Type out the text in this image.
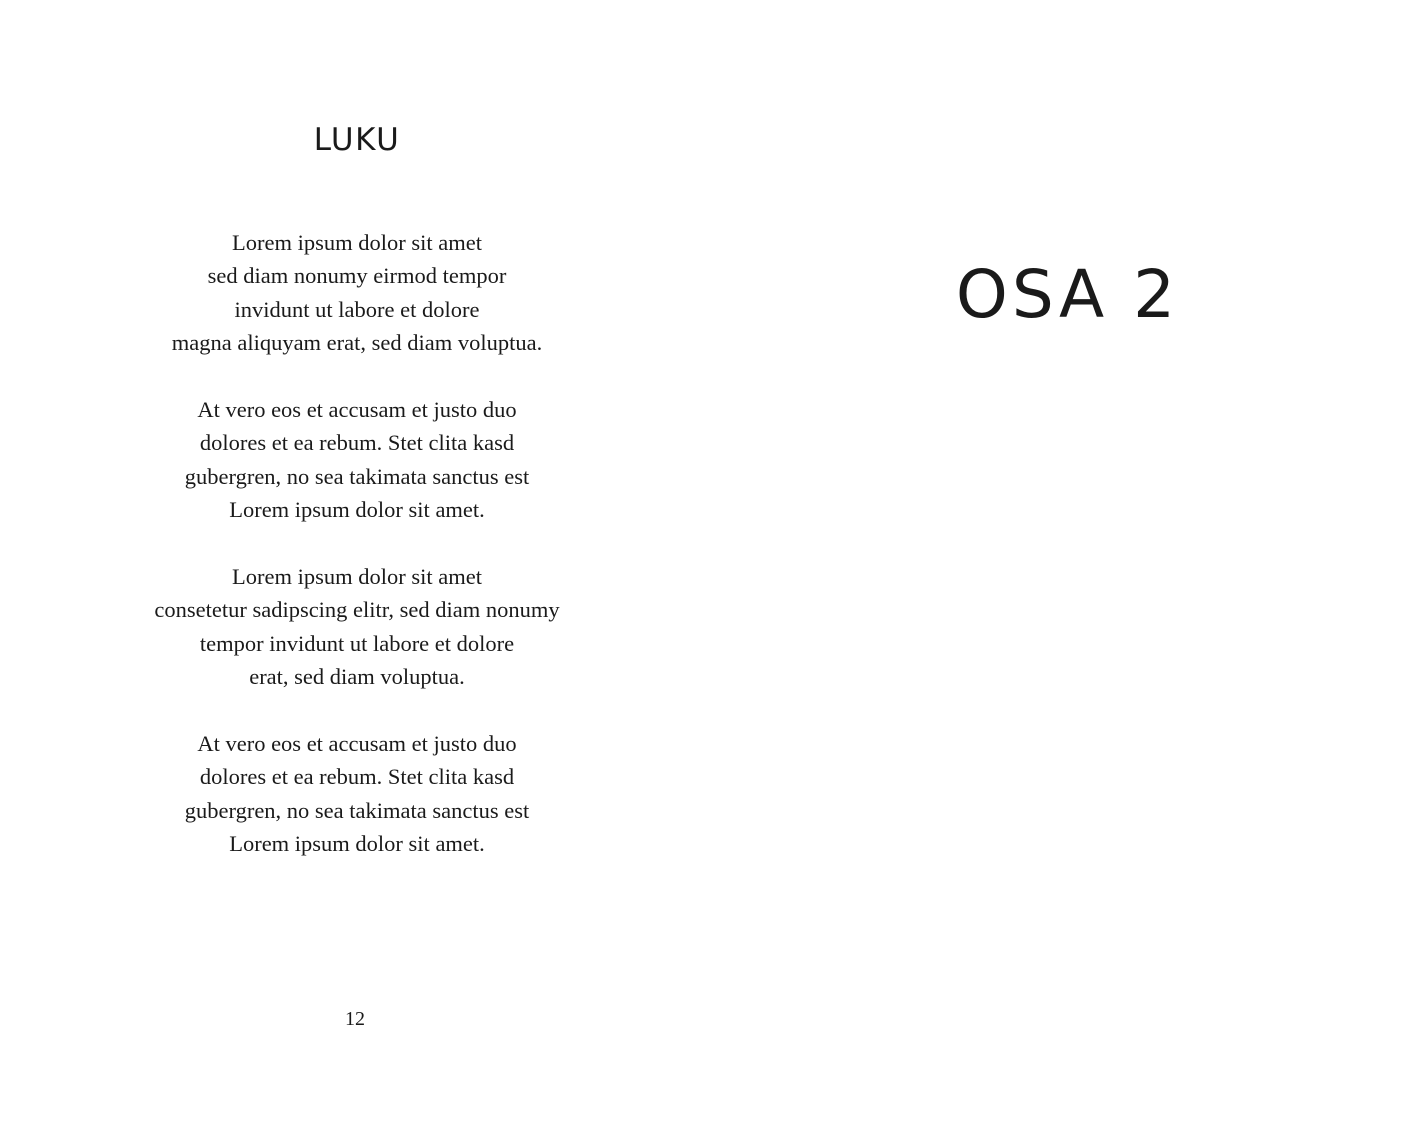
LUKU

Lorem ipsum dolor sit amet
sed diam nonumy eirmod tempor
invidunt ut labore et dolore
magna aliquyam erat, sed diam voluptua.

At vero eos et accusam et justo duo
dolores et ea rebum. Stet clita kasd
gubergren, no sea takimata sanctus est
Lorem ipsum dolor sit amet.

Lorem ipsum dolor sit amet
consetetur sadipscing elitr, sed diam nonumy
tempor invidunt ut labore et dolore
erat, sed diam voluptua.

At vero eos et accusam et justo duo
dolores et ea rebum. Stet clita kasd
gubergren, no sea takimata sanctus est
Lorem ipsum dolor sit amet.

12
OSA 2
